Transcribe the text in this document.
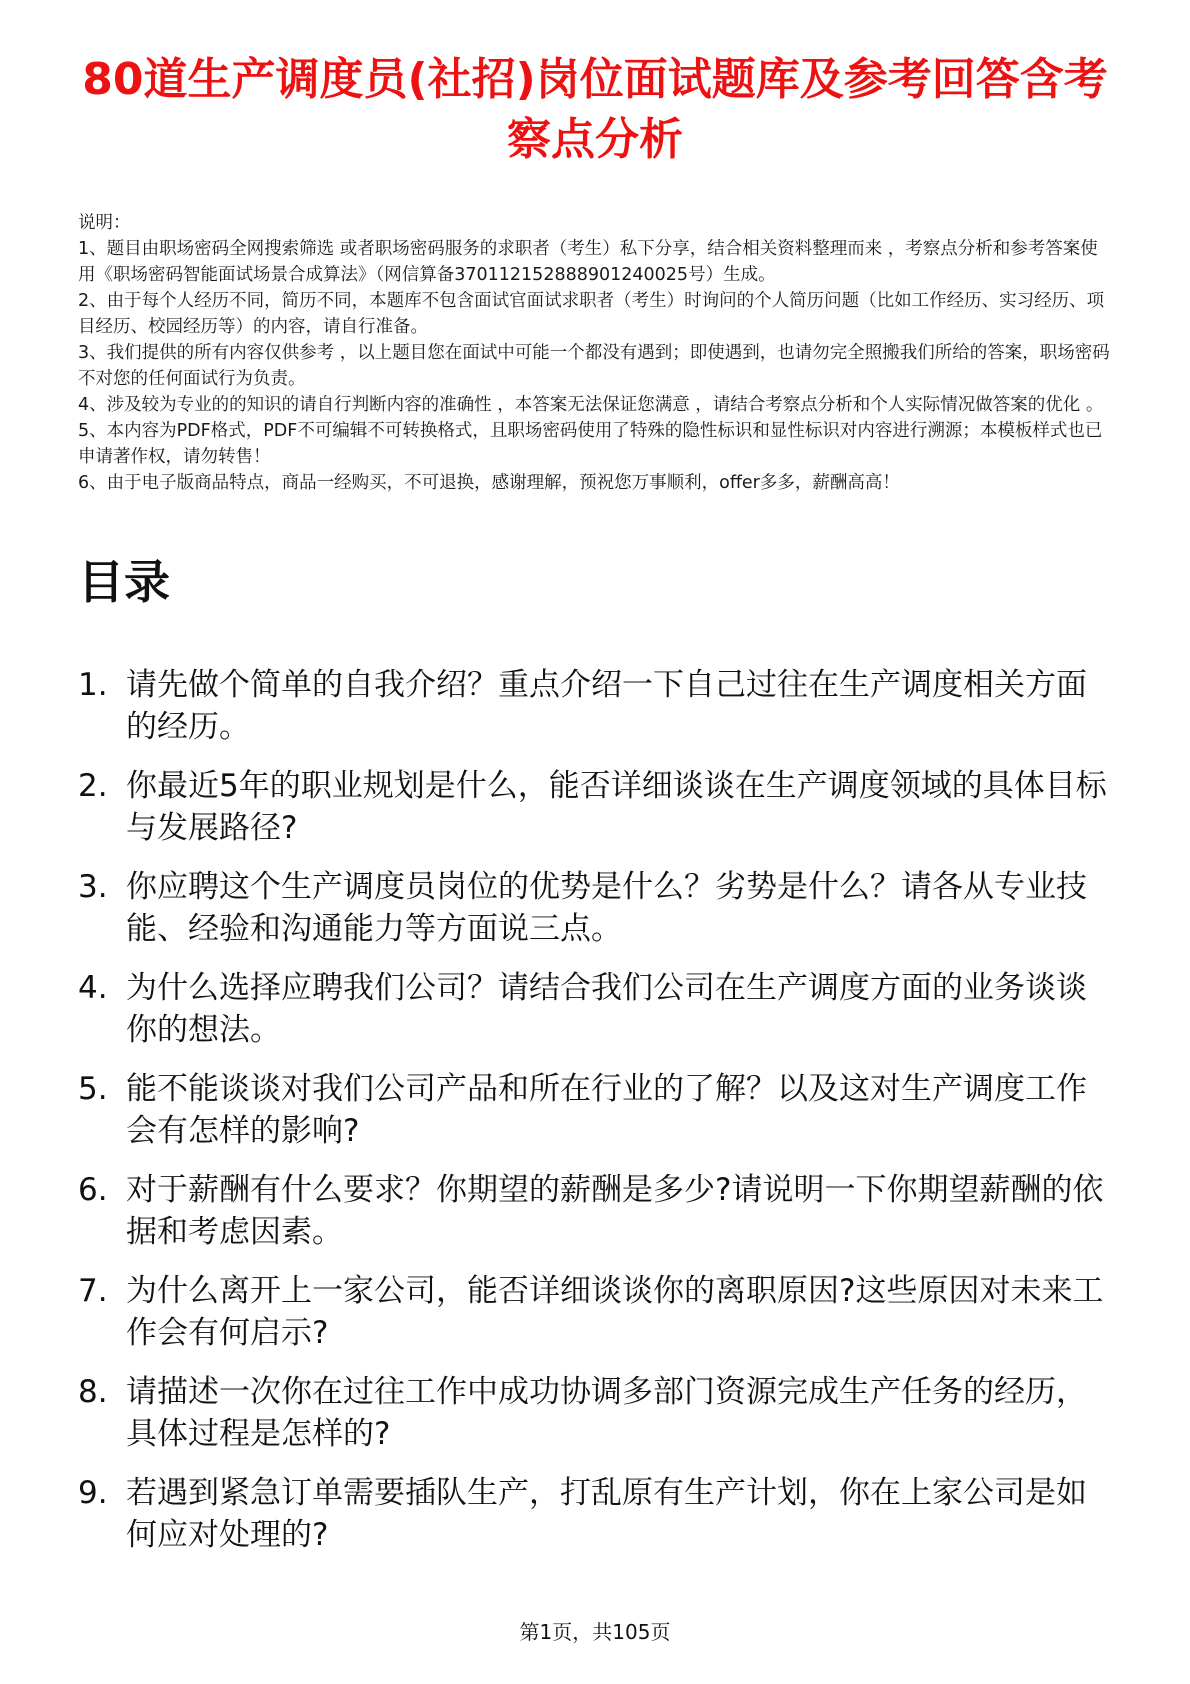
80道生产调度员(社招)岗位面试题库及参考回答含考察点分析

说明：

1、题目由职场密码全网搜索筛选 或者职场密码服务的求职者（考生）私下分享，结合相关资料整理而来 ，考察点分析和参考答案使用《职场密码智能面试场景合成算法》（网信算备370112152888901240025号）生成。

2、由于每个人经历不同，简历不同，本题库不包含面试官面试求职者（考生）时询问的个人简历问题（比如工作经历、实习经历、项目经历、校园经历等）的内容，请自行准备。

3、我们提供的所有内容仅供参考 ，以上题目您在面试中可能一个都没有遇到；即使遇到，也请勿完全照搬我们所给的答案，职场密码不对您的任何面试行为负责。

4、涉及较为专业的的知识的请自行判断内容的准确性 ，本答案无法保证您满意 ，请结合考察点分析和个人实际情况做答案的优化 。

5、本内容为PDF格式，PDF不可编辑不可转换格式，且职场密码使用了特殊的隐性标识和显性标识对内容进行溯源；本模板样式也已申请著作权，请勿转售！

6、由于电子版商品特点，商品一经购买，不可退换，感谢理解，预祝您万事顺利，offer多多，薪酬高高！

目录
1. 请先做个简单的自我介绍？重点介绍一下自己过往在生产调度相关方面的经历。
2. 你最近5年的职业规划是什么，能否详细谈谈在生产调度领域的具体目标与发展路径?
3. 你应聘这个生产调度员岗位的优势是什么？劣势是什么？请各从专业技能、经验和沟通能力等方面说三点。
4. 为什么选择应聘我们公司？请结合我们公司在生产调度方面的业务谈谈你的想法。
5. 能不能谈谈对我们公司产品和所在行业的了解？以及这对生产调度工作会有怎样的影响?
6. 对于薪酬有什么要求？你期望的薪酬是多少?请说明一下你期望薪酬的依据和考虑因素。
7. 为什么离开上一家公司，能否详细谈谈你的离职原因?这些原因对未来工作会有何启示?
8. 请描述一次你在过往工作中成功协调多部门资源完成生产任务的经历，具体过程是怎样的?
9. 若遇到紧急订单需要插队生产，打乱原有生产计划，你在上家公司是如何应对处理的?
第1页，共105页
